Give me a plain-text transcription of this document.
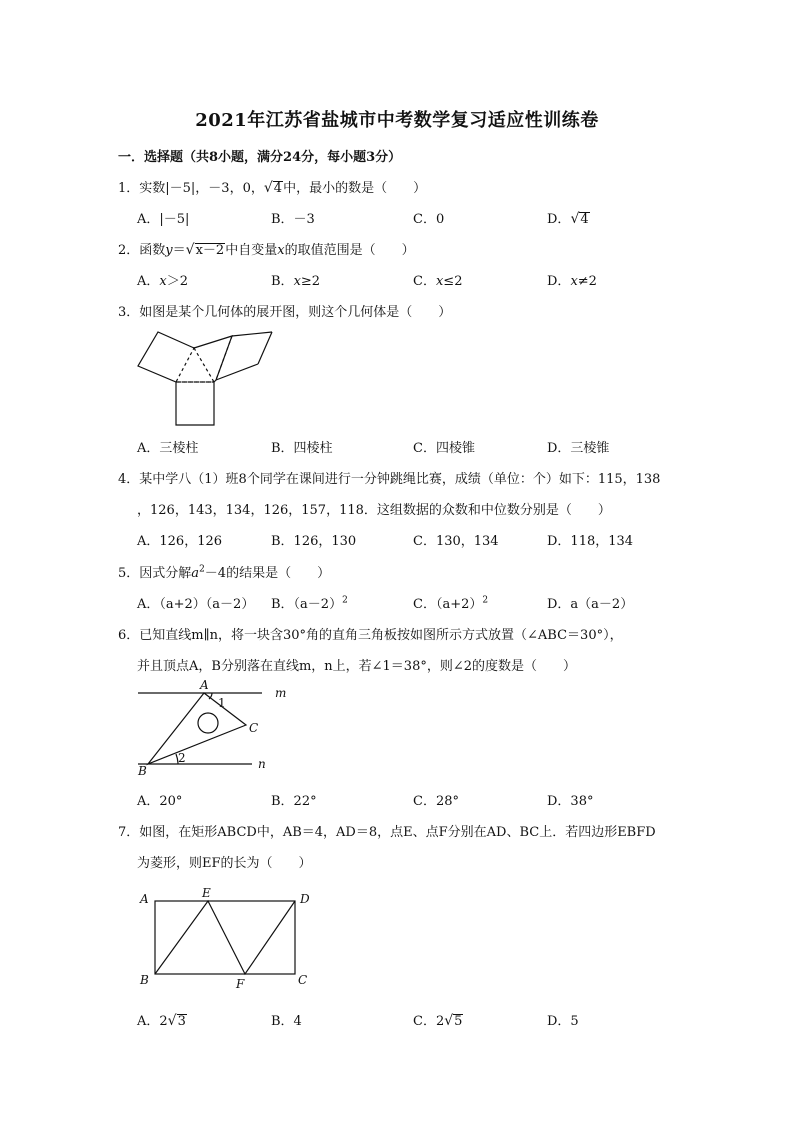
2021年江苏省盐城市中考数学复习适应性训练卷
一．选择题（共8小题，满分24分，每小题3分）
1．实数|－5|，－3，0，√4中，最小的数是（　　）
A．|－5|	B．－3	C．0	D．√4
2．函数y＝√x－2中自变量x的取值范围是（　　）
A．x＞2	B．x≥2	C．x≤2	D．x≠2
3．如图是某个几何体的展开图，则这个几何体是（　　）
A．三棱柱	B．四棱柱	C．四棱锥	D．三棱锥
4．某中学八（1）班8个同学在课间进行一分钟跳绳比赛，成绩（单位：个）如下：115，138
，126，143，134，126，157，118．这组数据的众数和中位数分别是（　　）
A．126，126	B．126，130	C．130，134	D．118，134
5．因式分解$a^2-4$的结果是（　　）
A．（a+2）（a－2） B．$(a-2)^2$	C．$(a+2)^2$	D．a（a－2）
6．已知直线m∥n，将一块含30°角的直角三角板按如图所示方式放置（∠ABC＝30°），
并且顶点A，B分别落在直线m，n上，若∠1＝38°，则∠2的度数是（　　）
A
1
m
C
2
B	n
A．20°	B．22°	C．28°	D．38°
7．如图，在矩形ABCD中，AB＝4，AD＝8，点E、点F分别在AD、BC上．若四边形EBFD
为菱形，则EF的长为（　　）
A	E	D
B	F	C
A．2√3	B．4	C．2√5	D．5
